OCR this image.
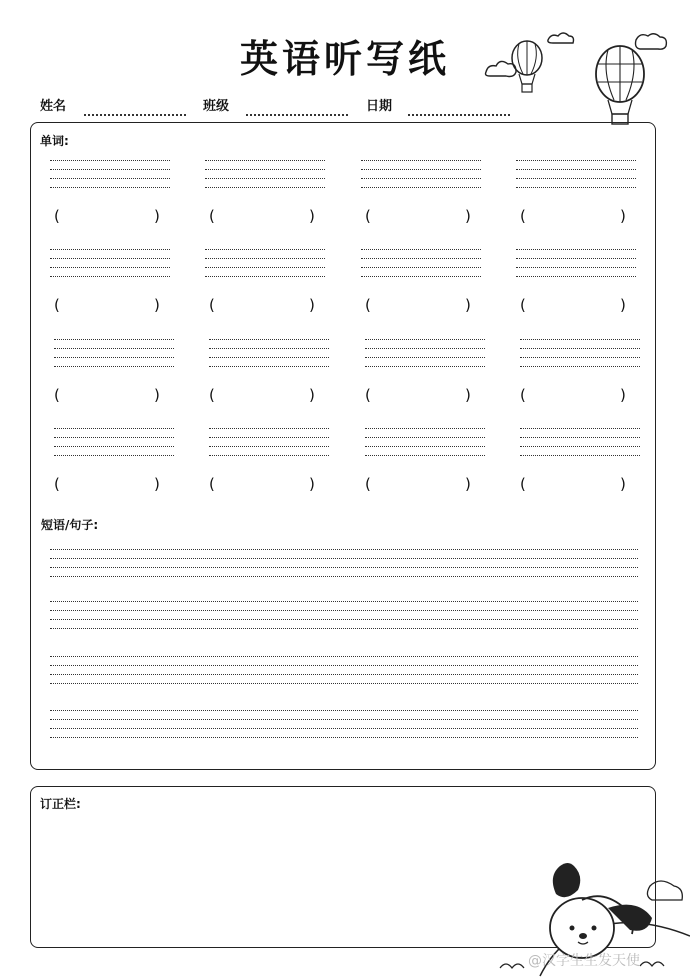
英语听写纸
姓名	班级	日期
单词:
短语/句子:
订正栏:
@汉字生生发天使
(	)	(	)	(	)	(	)
(	)	(	)	(	)	(	)
(	)	(	)	(	)	(	)
(	)	(	)	(	)	(	)
